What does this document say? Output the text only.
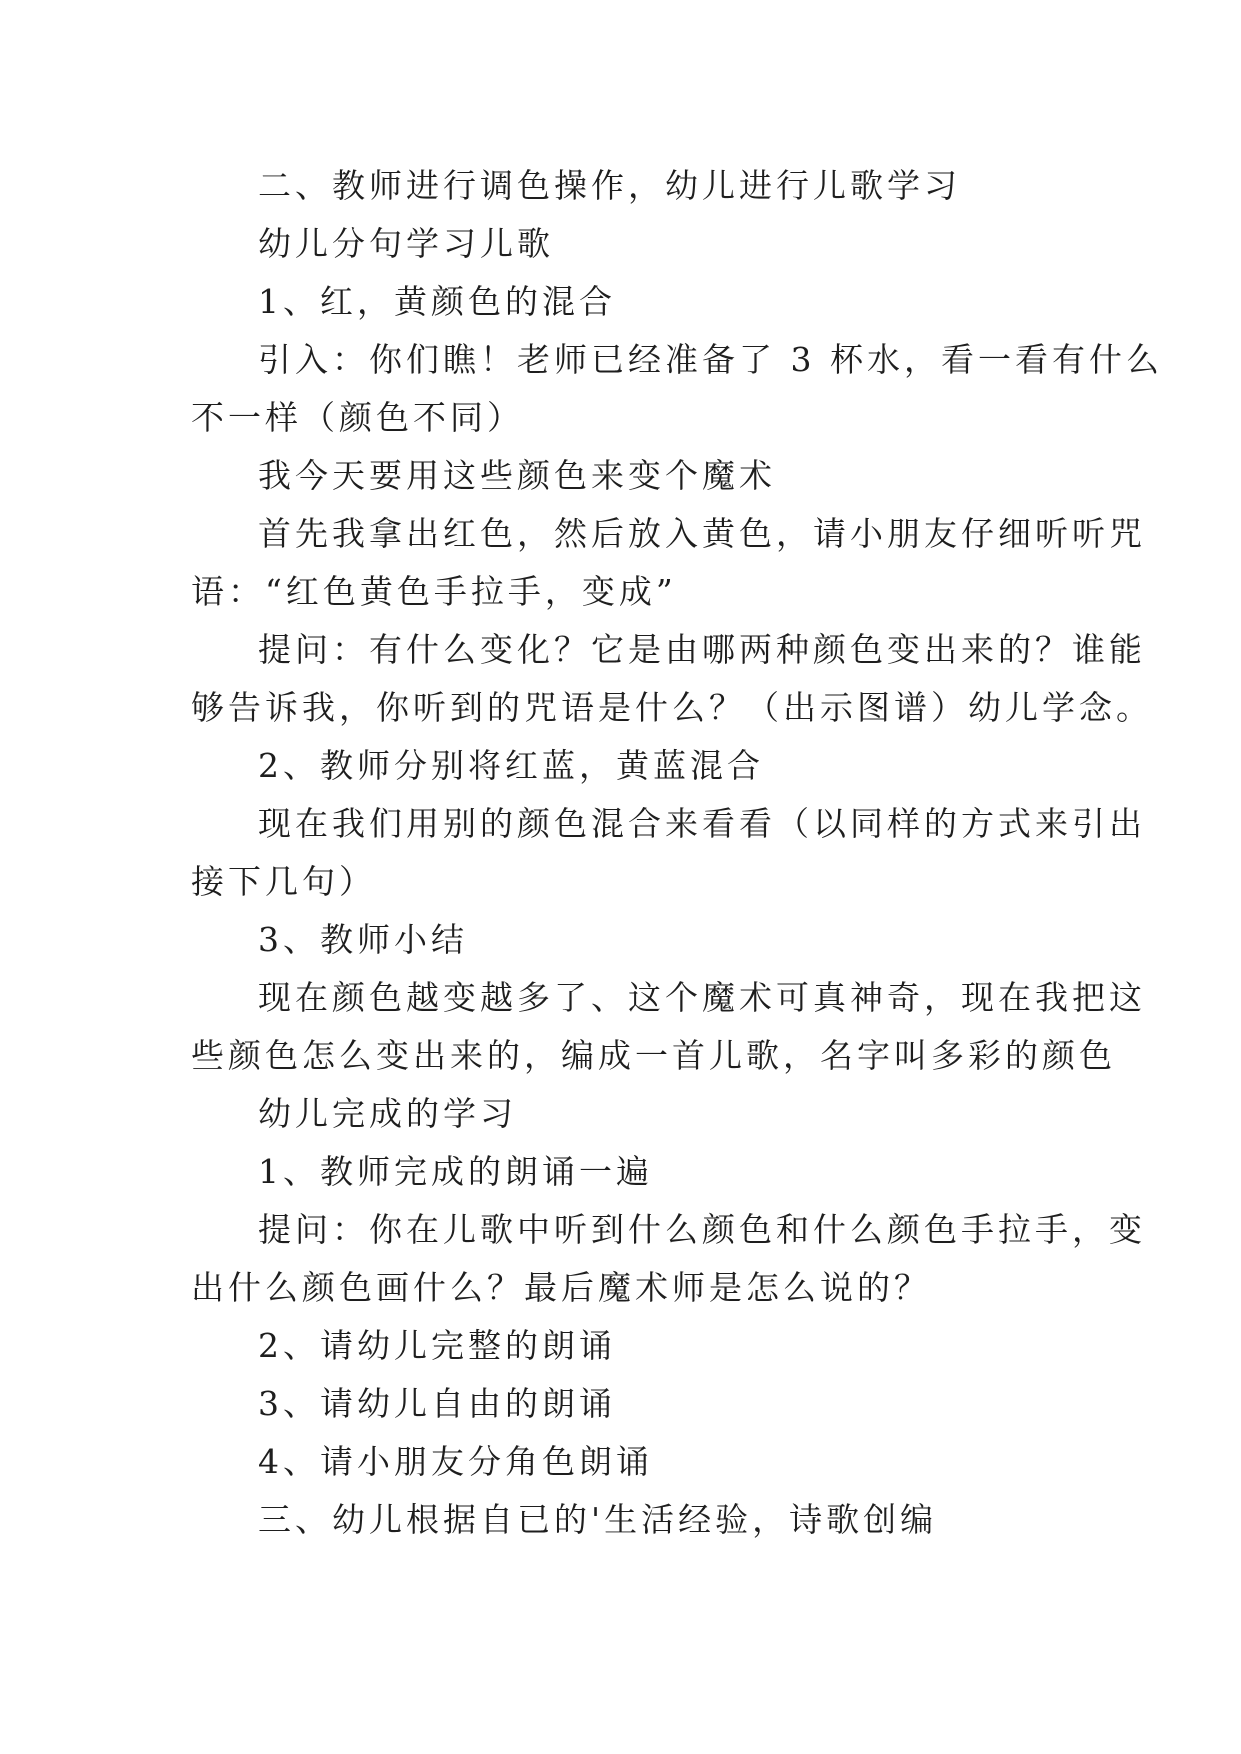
二、教师进行调色操作，幼儿进行儿歌学习
幼儿分句学习儿歌
1、红，黄颜色的混合
引入：你们瞧！老师已经准备了 3 杯水，看一看有什么
不一样（颜色不同）
我今天要用这些颜色来变个魔术
首先我拿出红色，然后放入黄色，请小朋友仔细听听咒
语：“红色黄色手拉手，变成”
提问：有什么变化？它是由哪两种颜色变出来的？谁能
够告诉我，你听到的咒语是什么？（出示图谱）幼儿学念。
2、教师分别将红蓝，黄蓝混合
现在我们用别的颜色混合来看看（以同样的方式来引出
接下几句）
3、教师小结
现在颜色越变越多了、这个魔术可真神奇，现在我把这
些颜色怎么变出来的，编成一首儿歌，名字叫多彩的颜色
幼儿完成的学习
1、教师完成的朗诵一遍
提问：你在儿歌中听到什么颜色和什么颜色手拉手，变
出什么颜色画什么？最后魔术师是怎么说的？
2、请幼儿完整的朗诵
3、请幼儿自由的朗诵
4、请小朋友分角色朗诵
三、幼儿根据自已的'生活经验，诗歌创编
